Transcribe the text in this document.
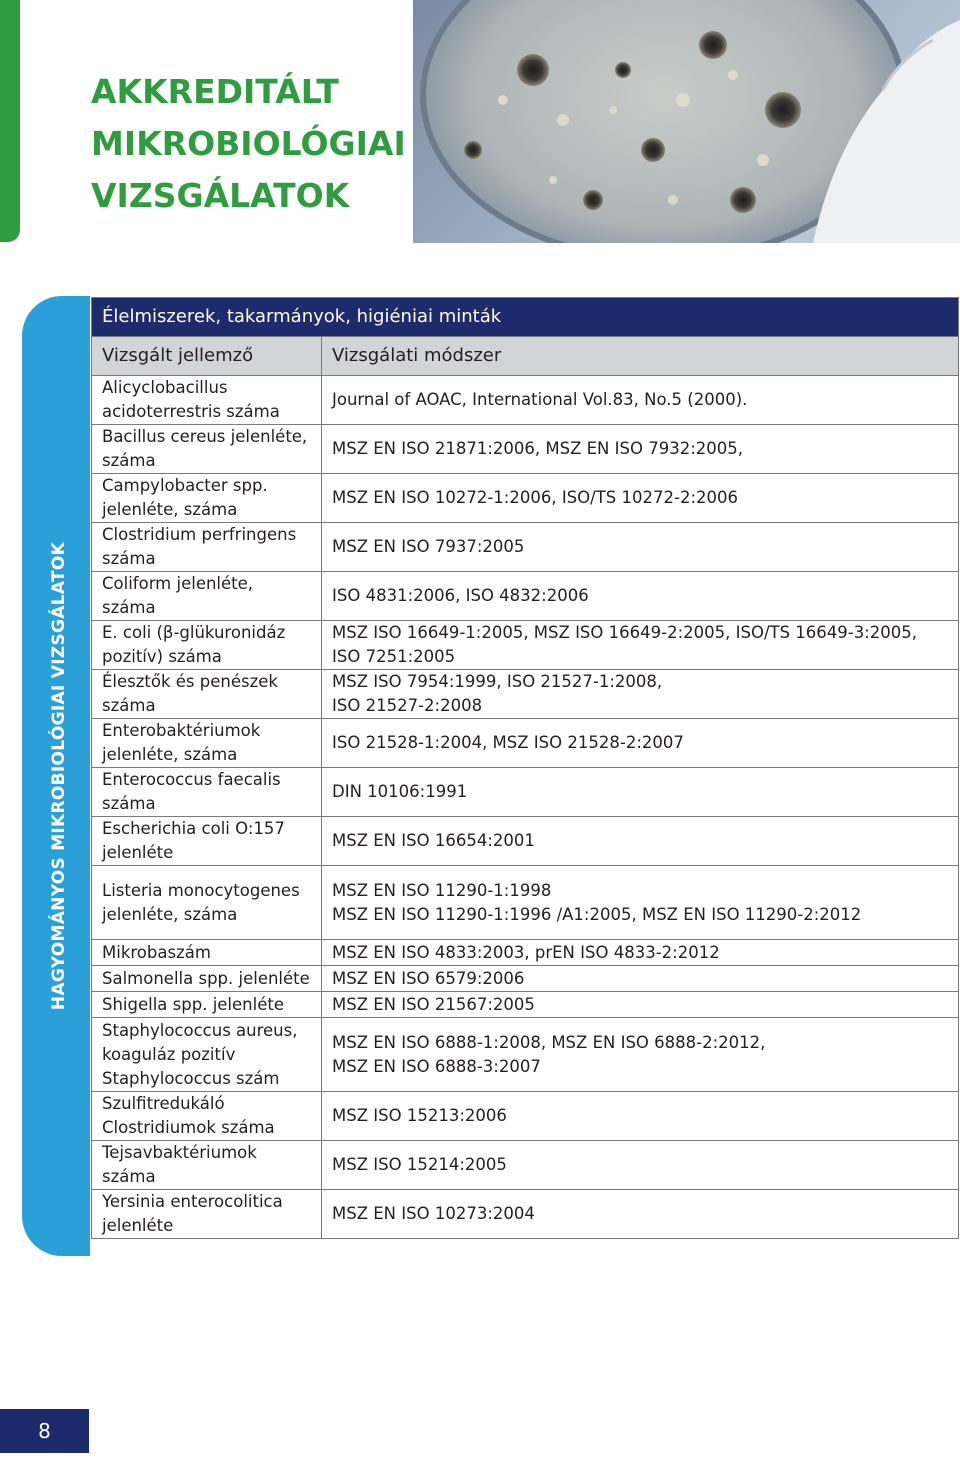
AKKREDITÁLT
MIKROBIOLÓGIAI
VIZSGÁLATOK
HAGYOMÁNYOS MIKROBIOLÓGIAI VIZSGÁLATOK
Élelmiszerek, takarmányok, higiéniai minták	
Vizsgált jellemző	Vizsgálati módszer
Alicyclobacillus acidoterrestris száma	Journal of AOAC, International Vol.83, No.5 (2000).

Bacillus cereus jelenléte, száma	MSZ EN ISO 21871:2006, MSZ EN ISO 7932:2005,

Campylobacter spp. jelenléte, száma	MSZ EN ISO 10272-1:2006, ISO/TS 10272-2:2006

Clostridium perfringens száma	MSZ EN ISO 7937:2005

Coliform jelenléte, száma	ISO 4831:2006, ISO 4832:2006

E. coli (β-glükuronidáz pozitív) száma	MSZ ISO 16649-1:2005, MSZ ISO 16649-2:2005, ISO/TS 16649-3:2005,
ISO 7251:2005

Élesztők és penészek száma	MSZ ISO 7954:1999, ISO 21527-1:2008,
ISO 21527-2:2008

Enterobaktériumok jelenléte, száma	ISO 21528-1:2004, MSZ ISO 21528-2:2007

Enterococcus faecalis száma	DIN 10106:1991

Escherichia coli O:157 jelenléte	MSZ EN ISO 16654:2001

Listeria monocytogenes jelenléte, száma	MSZ EN ISO 11290-1:1998
MSZ EN ISO 11290-1:1996 /A1:2005, MSZ EN ISO 11290-2:2012

Mikrobaszám	MSZ EN ISO 4833:2003, prEN ISO 4833-2:2012

Salmonella spp. jelenléte	MSZ EN ISO 6579:2006

Shigella spp. jelenléte	MSZ EN ISO 21567:2005

Staphylococcus aureus, koaguláz pozitív Staphylococcus szám	MSZ EN ISO 6888-1:2008, MSZ EN ISO 6888-2:2012,
MSZ EN ISO 6888-3:2007

Szulfitredukáló Clostridiumok száma	MSZ ISO 15213:2006

Tejsavbaktériumok száma	MSZ ISO 15214:2005

Yersinia enterocolitica jelenléte	MSZ EN ISO 10273:2004
8
